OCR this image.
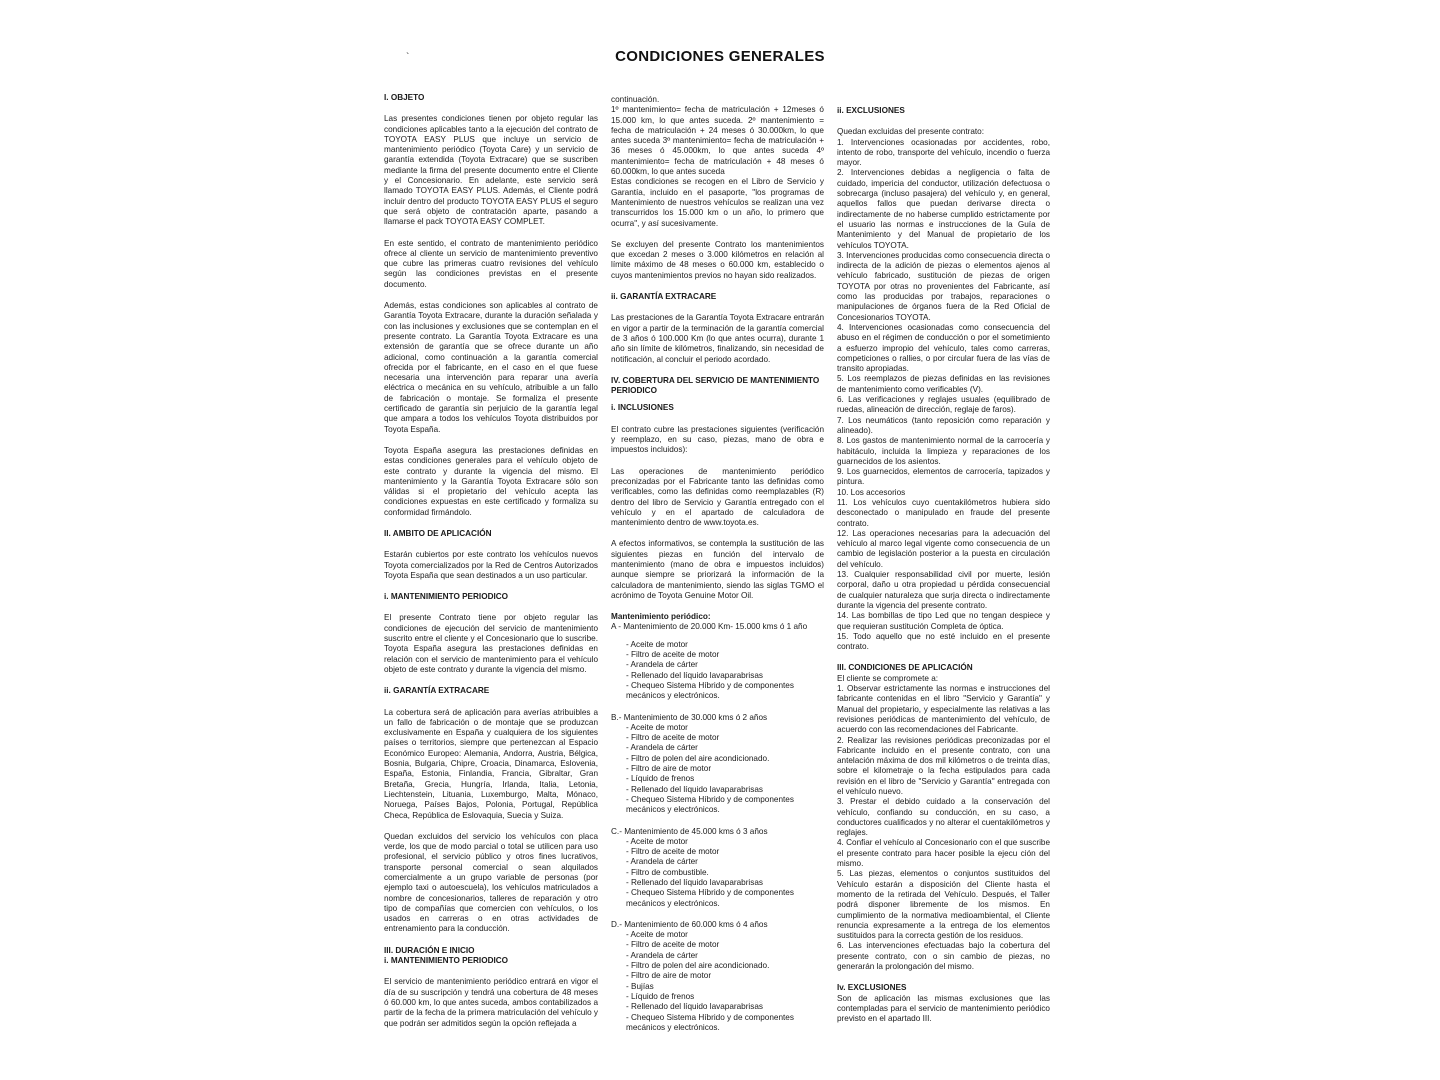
`	CONDICIONES GENERALES

I. OBJETO

Las presentes condiciones tienen por objeto regular las condiciones aplicables tanto a la ejecución del contrato de TOYOTA EASY PLUS que incluye un servicio de mantenimiento periódico (Toyota Care) y un servicio de garantía extendida (Toyota Extracare) que se suscriben mediante la firma del presente documento entre el Cliente y el Concesionario. En adelante, este servicio será llamado TOYOTA EASY PLUS. Además, el Cliente podrá incluir dentro del producto TOYOTA EASY PLUS el seguro que será objeto de contratación aparte, pasando a llamarse el pack TOYOTA EASY COMPLET.

En este sentido, el contrato de mantenimiento periódico ofrece al cliente un servicio de mantenimiento preventivo que cubre las primeras cuatro revisiones del vehículo según las condiciones previstas en el presente documento.

Además, estas condiciones son aplicables al contrato de Garantía Toyota Extracare, durante la duración señalada y con las inclusiones y exclusiones que se contemplan en el presente contrato. La Garantía Toyota Extracare es una extensión de garantía que se ofrece durante un año adicional, como continuación a la garantía comercial ofrecida por el fabricante, en el caso en el que fuese necesaria una intervención para reparar una avería eléctrica o mecánica en su vehículo, atribuible a un fallo de fabricación o montaje. Se formaliza el presente certificado de garantía sin perjuicio de la garantía legal que ampara a todos los vehículos Toyota distribuidos por Toyota España.

Toyota España asegura las prestaciones definidas en estas condiciones generales para el vehículo objeto de este contrato y durante la vigencia del mismo. El mantenimiento y la Garantía Toyota Extracare sólo son válidas si el propietario del vehículo acepta las condiciones expuestas en este certificado y formaliza su conformidad firmándolo.

II. AMBITO DE APLICACIÓN

Estarán cubiertos por este contrato los vehículos nuevos Toyota comercializados por la Red de Centros Autorizados Toyota España que sean destinados a un uso particular.

i. MANTENIMIENTO PERIODICO

El presente Contrato tiene por objeto regular las condiciones de ejecución del servicio de mantenimiento suscrito entre el cliente y el Concesionario que lo suscribe. Toyota España asegura las prestaciones definidas en relación con el servicio de mantenimiento para el vehículo objeto de este contrato y durante la vigencia del mismo.

ii. GARANTÍA EXTRACARE

La cobertura será de aplicación para averías atribuibles a un fallo de fabricación o de montaje que se produzcan exclusivamente en España y cualquiera de los siguientes países o territorios, siempre que pertenezcan al Espacio Económico Europeo: Alemania, Andorra, Austria, Bélgica, Bosnia, Bulgaria, Chipre, Croacia, Dinamarca, Eslovenia, España, Estonia, Finlandia, Francia, Gibraltar, Gran Bretaña, Grecia, Hungría, Irlanda, Italia, Letonia, Liechtenstein, Lituania, Luxemburgo, Malta, Mónaco, Noruega, Países Bajos, Polonia, Portugal, República Checa, República de Eslovaquia, Suecia y Suiza.

Quedan excluidos del servicio los vehículos con placa verde, los que de modo parcial o total se utilicen para uso profesional, el servicio público y otros fines lucrativos, transporte personal comercial o sean alquilados comercialmente a un grupo variable de personas (por ejemplo taxi o autoescuela), los vehículos matriculados a nombre de concesionarios, talleres de reparación y otro tipo de compañías que comercien con vehículos, o los usados en carreras o en otras actividades de entrenamiento para la conducción.

III. DURACIÓN E INICIO

i. MANTENIMIENTO PERIODICO

El servicio de mantenimiento periódico entrará en vigor el día de su suscripción y tendrá una cobertura de 48 meses ó 60.000 km, lo que antes suceda, ambos contabilizados a partir de la fecha de la primera matriculación del vehículo y que podrán ser admitidos según la opción reflejada a

continuación.
1º mantenimiento= fecha de matriculación + 12meses ó 15.000 km, lo que antes suceda. 2º mantenimiento = fecha de matriculación + 24 meses ó 30.000km, lo que antes suceda 3º mantenimiento= fecha de matriculación + 36 meses ó 45.000km, lo que antes suceda 4º mantenimiento= fecha de matriculación + 48 meses ó 60.000km, lo que antes suceda
Estas condiciones se recogen en el Libro de Servicio y Garantía, incluido en el pasaporte, "los programas de Mantenimiento de nuestros vehículos se realizan una vez transcurridos los 15.000 km o un año, lo primero que ocurra", y así sucesivamente.

Se excluyen del presente Contrato los mantenimientos que excedan 2 meses o 3.000 kilómetros en relación al límite máximo de 48 meses o 60.000 km, establecido o cuyos mantenimientos previos no hayan sido realizados.

ii. GARANTÍA EXTRACARE

Las prestaciones de la Garantía Toyota Extracare entrarán en vigor a partir de la terminación de la garantía comercial de 3 años ó 100.000 Km (lo que antes ocurra), durante 1 año sin límite de kilómetros, finalizando, sin necesidad de notificación, al concluir el periodo acordado.

IV. COBERTURA DEL SERVICIO DE MANTENIMIENTO PERIODICO

i. INCLUSIONES

El contrato cubre las prestaciones siguientes (verificación y reemplazo, en su caso, piezas, mano de obra e impuestos incluidos):

Las operaciones de mantenimiento periódico preconizadas por el Fabricante tanto las definidas como verificables, como las definidas como reemplazables (R) dentro del libro de Servicio y Garantía entregado con el vehículo y en el apartado de calculadora de mantenimiento dentro de www.toyota.es.

A efectos informativos, se contempla la sustitución de las siguientes piezas en función del intervalo de mantenimiento (mano de obra e impuestos incluidos) aunque siempre se priorizará la información de la calculadora de mantenimiento, siendo las siglas TGMO el acrónimo de Toyota Genuine Motor Oil.

Mantenimiento periódico:

A - Mantenimiento de 20.000 Km- 15.000 kms ó 1 año

- Aceite de motor

- Filtro de aceite de motor

- Arandela de cárter

- Rellenado del líquido lavaparabrisas

- Chequeo Sistema Híbrido y de componentes mecánicos y electrónicos.

B.- Mantenimiento de 30.000 kms ó 2 años

- Aceite de motor

- Filtro de aceite de motor

- Arandela de cárter

- Filtro de polen del aire acondicionado.

- Filtro de aire de motor

- Líquido de frenos

- Rellenado del líquido lavaparabrisas

- Chequeo Sistema Híbrido y de componentes mecánicos y electrónicos.

C.- Mantenimiento de 45.000 kms ó 3 años

- Aceite de motor

- Filtro de aceite de motor

- Arandela de cárter

- Filtro de combustible.

- Rellenado del líquido lavaparabrisas

- Chequeo Sistema Híbrido y de componentes mecánicos y electrónicos.

D.- Mantenimiento de 60.000 kms ó 4 años

- Aceite de motor

- Filtro de aceite de motor

- Arandela de cárter

- Filtro de polen del aire acondicionado.

- Filtro de aire de motor

- Bujías

- Líquido de frenos

- Rellenado del líquido lavaparabrisas

- Chequeo Sistema Híbrido y de componentes mecánicos y electrónicos.

ii. EXCLUSIONES

Quedan excluidas del presente contrato:

1. Intervenciones ocasionadas por accidentes, robo, intento de robo, transporte del vehículo, incendio o fuerza mayor.

2. Intervenciones debidas a negligencia o falta de cuidado, impericia del conductor, utilización defectuosa o sobrecarga (incluso pasajera) del vehículo y, en general, aquellos fallos que puedan derivarse directa o indirectamente de no haberse cumplido estrictamente por el usuario las normas e instrucciones de la Guía de Mantenimiento y del Manual de propietario de los vehículos TOYOTA.

3. Intervenciones producidas como consecuencia directa o indirecta de la adición de piezas o elementos ajenos al vehículo fabricado, sustitución de piezas de origen TOYOTA por otras no provenientes del Fabricante, así como las producidas por trabajos, reparaciones o manipulaciones de órganos fuera de la Red Oficial de Concesionarios TOYOTA.

4. Intervenciones ocasionadas como consecuencia del abuso en el régimen de conducción o por el sometimiento a esfuerzo impropio del vehículo, tales como carreras, competiciones o rallies, o por circular fuera de las vías de transito apropiadas.

5. Los reemplazos de piezas definidas en las revisiones de mantenimiento como verificables (V).

6. Las verificaciones y reglajes usuales (equilibrado de ruedas, alineación de dirección, reglaje de faros).

7. Los neumáticos (tanto reposición como reparación y alineado).

8. Los gastos de mantenimiento normal de la carrocería y habitáculo, incluida la limpieza y reparaciones de los guarnecidos de los asientos.

9. Los guarnecidos, elementos de carrocería, tapizados y pintura.

10. Los accesorios

11. Los vehículos cuyo cuentakilómetros hubiera sido desconectado o manipulado en fraude del presente contrato.

12. Las operaciones necesarias para la adecuación del vehículo al marco legal vigente como consecuencia de un cambio de legislación posterior a la puesta en circulación del vehículo.

13. Cualquier responsabilidad civil por muerte, lesión corporal, daño u otra propiedad u pérdida consecuencial de cualquier naturaleza que surja directa o indirectamente durante la vigencia del presente contrato.

14. Las bombillas de tipo Led que no tengan despiece y que requieran sustitución Completa de óptica.

15. Todo aquello que no esté incluido en el presente contrato.

III. CONDICIONES DE APLICACIÓN

El cliente se compromete a:

1. Observar estrictamente las normas e instrucciones del fabricante contenidas en el libro "Servicio y Garantía" y Manual del propietario, y especialmente las relativas a las revisiones periódicas de mantenimiento del vehículo, de acuerdo con las recomendaciones del Fabricante.

2. Realizar las revisiones periódicas preconizadas por el Fabricante incluido en el presente contrato, con una antelación máxima de dos mil kilómetros o de treinta días, sobre el kilometraje o la fecha estipulados para cada revisión en el libro de "Servicio y Garantía" entregada con el vehículo nuevo.

3. Prestar el debido cuidado a la conservación del vehículo, confiando su conducción, en su caso, a conductores cualificados y no alterar el cuentakilómetros y reglajes.

4. Confiar el vehículo al Concesionario con el que suscribe el presente contrato para hacer posible la ejecu ción del mismo.

5. Las piezas, elementos o conjuntos sustituidos del Vehículo estarán a disposición del Cliente hasta el momento de la retirada del Vehículo. Después, el Taller podrá disponer libremente de los mismos. En cumplimiento de la normativa medioambiental, el Cliente renuncia expresamente a la entrega de los elementos sustituidos para la correcta gestión de los residuos.

6. Las intervenciones efectuadas bajo la cobertura del presente contrato, con o sin cambio de piezas, no generarán la prolongación del mismo.

Iv. EXCLUSIONES

Son de aplicación las mismas exclusiones que las contempladas para el servicio de mantenimiento periódico previsto en el apartado III.
